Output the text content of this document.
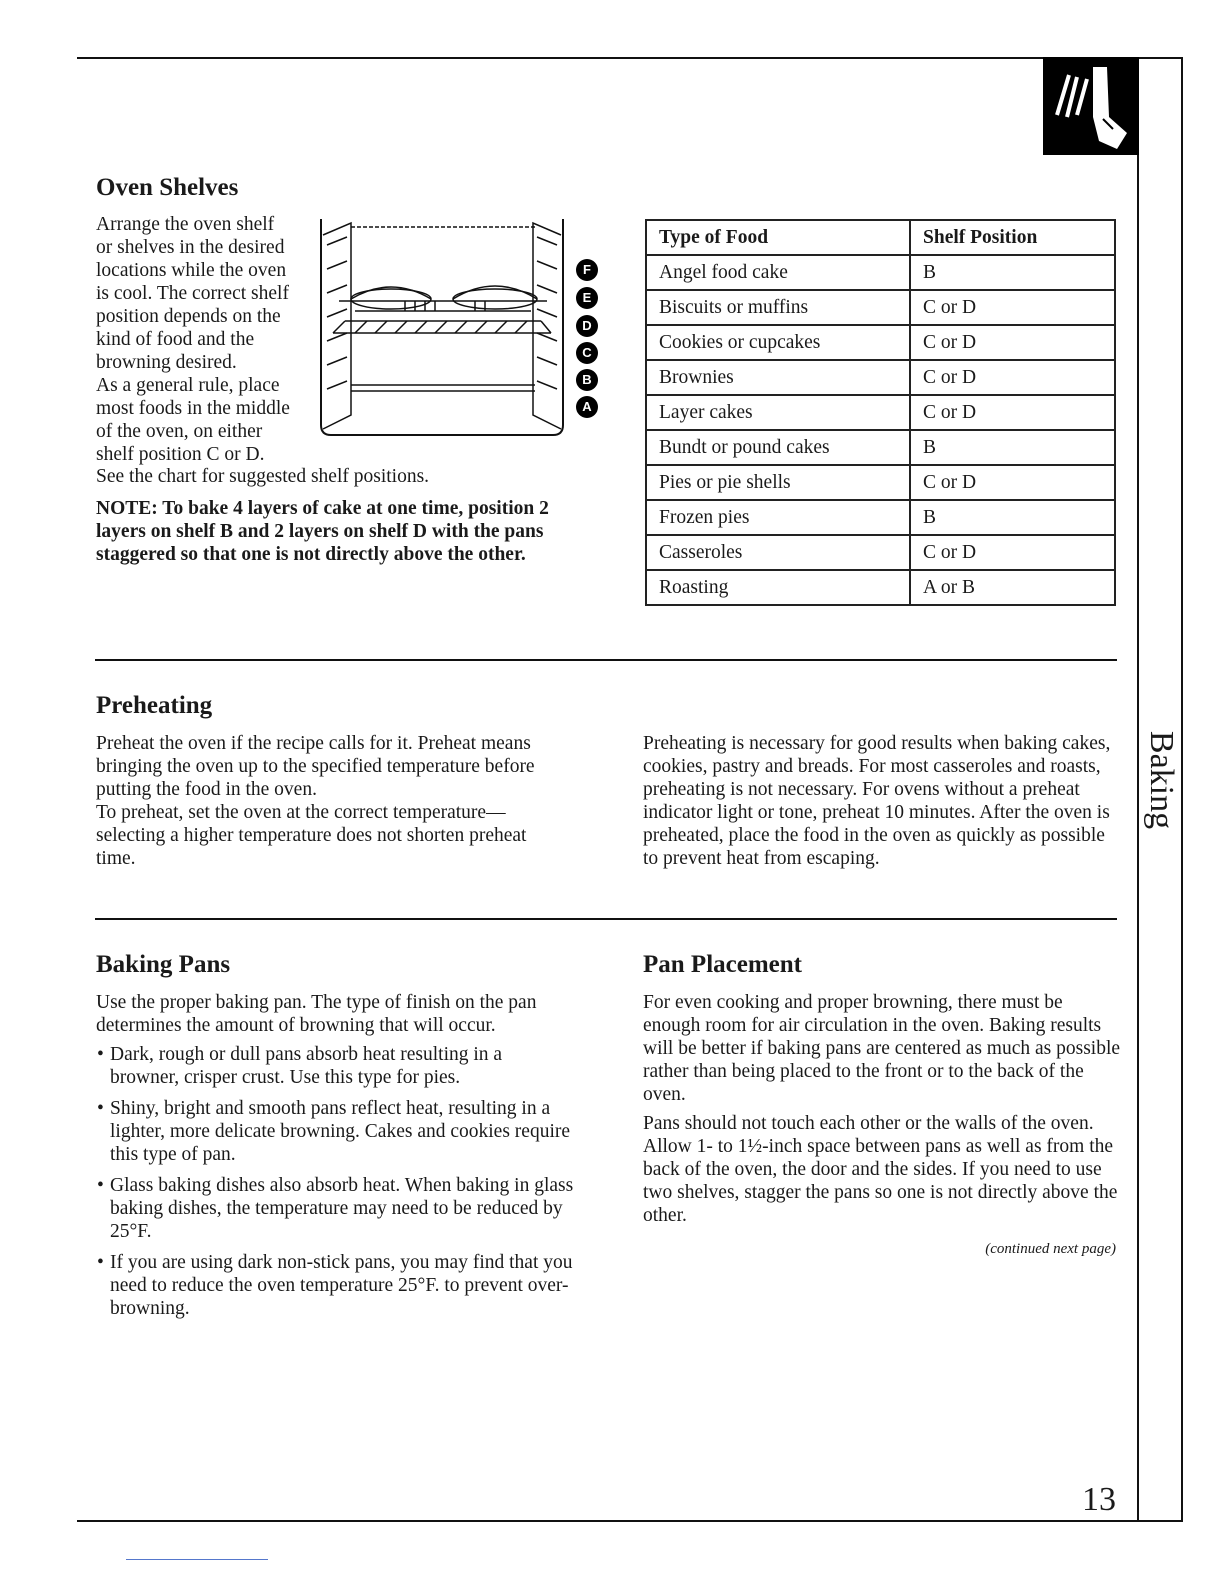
Baking
Oven Shelves
Arrange the oven shelf
or shelves in the desired
locations while the oven
is cool. The correct shelf
position depends on the
kind of food and the
browning desired.
As a general rule, place
most foods in the middle
of the oven, on either
shelf position C or D.
See the chart for suggested shelf positions.
NOTE: To bake 4 layers of cake at one time, position 2 layers on shelf B and 2 layers on shelf D with the pans staggered so that one is not directly above the other.
F
E
D
C
B
A
Type of Food	Shelf Position
Angel food cake	B
Biscuits or muffins	C or D
Cookies or cupcakes	C or D
Brownies	C or D
Layer cakes	C or D
Bundt or pound cakes	B
Pies or pie shells	C or D
Frozen pies	B
Casseroles	C or D
Roasting	A or B
Preheating
Preheat the oven if the recipe calls for it. Preheat means bringing the oven up to the specified temperature before putting the food in the oven.
To preheat, set the oven at the correct temperature—selecting a higher temperature does not shorten preheat time.
Preheating is necessary for good results when baking cakes, cookies, pastry and breads. For most casseroles and roasts, preheating is not necessary. For ovens without a preheat indicator light or tone, preheat 10 minutes. After the oven is preheated, place the food in the oven as quickly as possible to prevent heat from escaping.
Baking Pans

Use the proper baking pan. The type of finish on the pan determines the amount of browning that will occur.

• Dark, rough or dull pans absorb heat resulting in a browner, crisper crust. Use this type for pies.
• Shiny, bright and smooth pans reflect heat, resulting in a lighter, more delicate browning. Cakes and cookies require this type of pan.
• Glass baking dishes also absorb heat. When baking in glass baking dishes, the temperature may need to be reduced by 25°F.
• If you are using dark non-stick pans, you may find that you need to reduce the oven temperature 25°F. to prevent over-browning.
Pan Placement

For even cooking and proper browning, there must be enough room for air circulation in the oven. Baking results will be better if baking pans are centered as much as possible rather than being placed to the front or to the back of the oven.

Pans should not touch each other or the walls of the oven. Allow 1- to 1½-inch space between pans as well as from the back of the oven, the door and the sides. If you need to use two shelves, stagger the pans so one is not directly above the other.

(continued next page)
13
